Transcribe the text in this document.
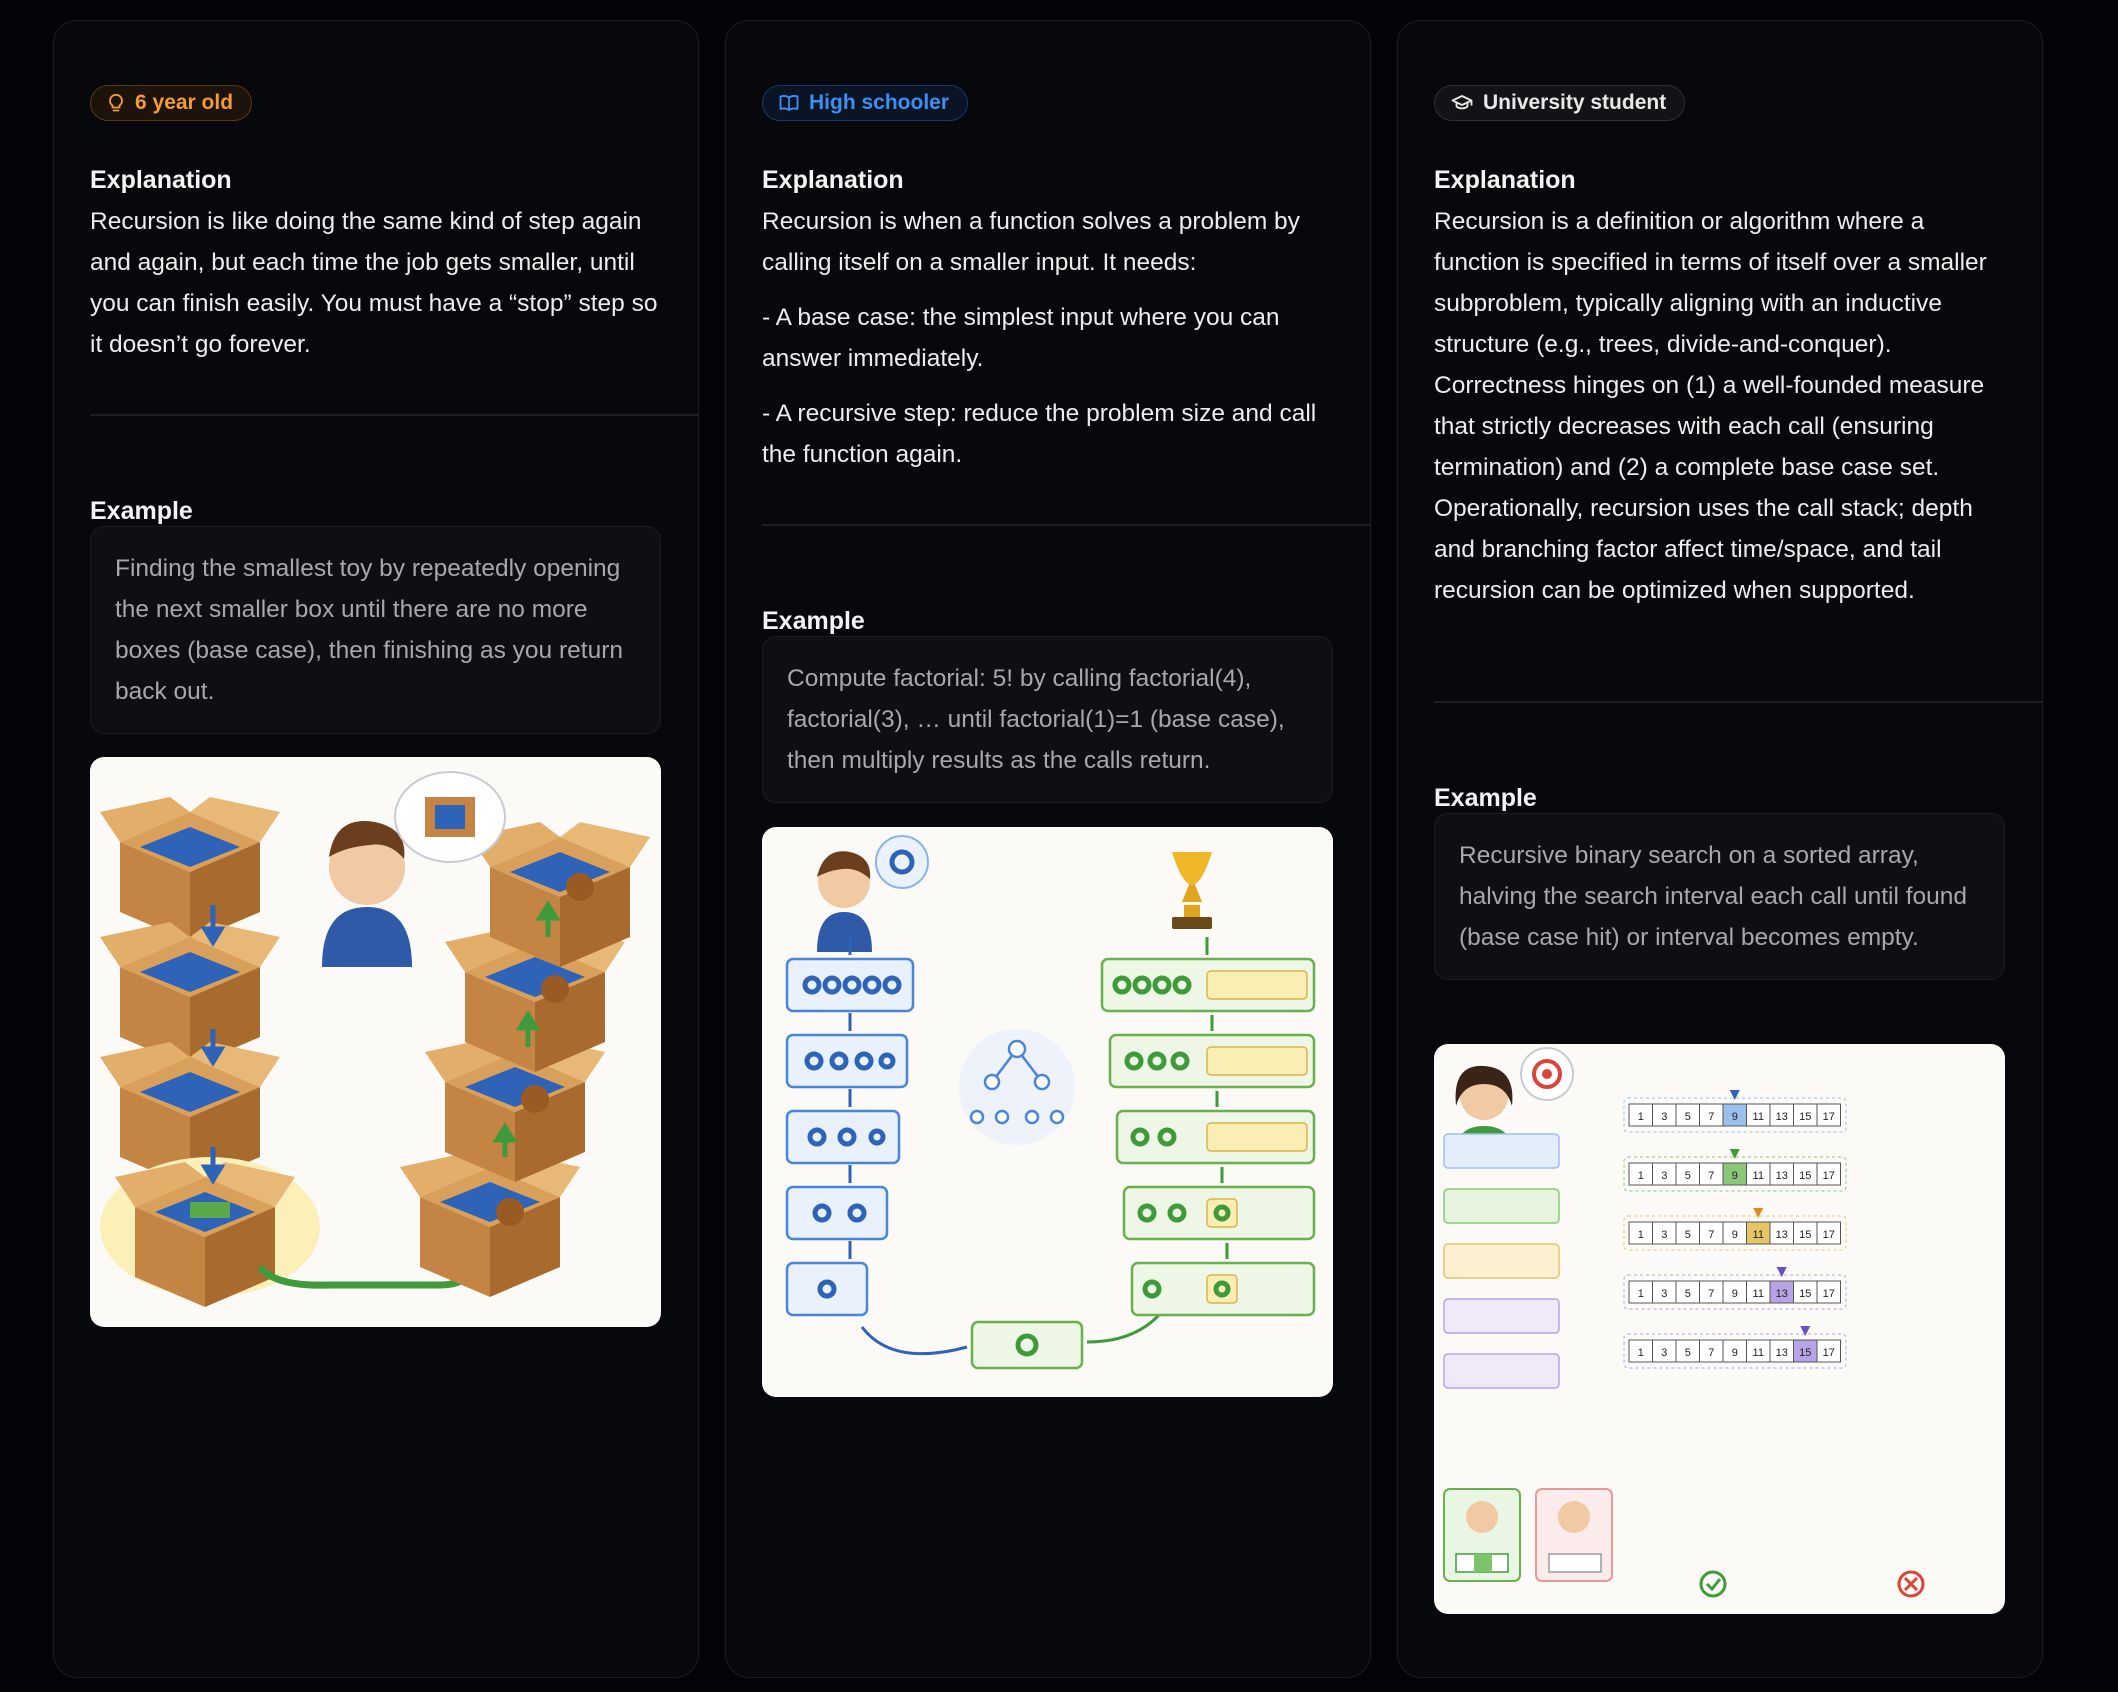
6 year old
Explanation

Recursion is like doing the same kind of step again and again, but each time the job gets smaller, until you can finish easily. You must have a “stop” step so it doesn’t go forever.

Example
Finding the smallest toy by repeatedly opening the next smaller box until there are no more boxes (base case), then finishing as you return back out.
High schooler
Explanation

Recursion is when a function solves a problem by calling itself on a smaller input. It needs:

- A base case: the simplest input where you can answer immediately.

- A recursive step: reduce the problem size and call the function again.

Example
Compute factorial: 5! by calling factorial(4), factorial(3), … until factorial(1)=1 (base case), then multiply results as the calls return.
University student
Explanation

Recursion is a definition or algorithm where a function is specified in terms of itself over a smaller subproblem, typically aligning with an inductive structure (e.g., trees, divide-and-conquer). Correctness hinges on (1) a well-founded measure that strictly decreases with each call (ensuring termination) and (2) a complete base case set. Operationally, recursion uses the call stack; depth and branching factor affect time/space, and tail recursion can be optimized when supported.

Example
Recursive binary search on a sorted array, halving the search interval each call until found (base case hit) or interval becomes empty.
1 3 5 7 9 11 13 15 17
1 3 5 7 9 11 13 15 17
1 3 5 7 9 11 13 15 17
1 3 5 7 9 11 13 15 17
1 3 5 7 9 11 13 15 17
